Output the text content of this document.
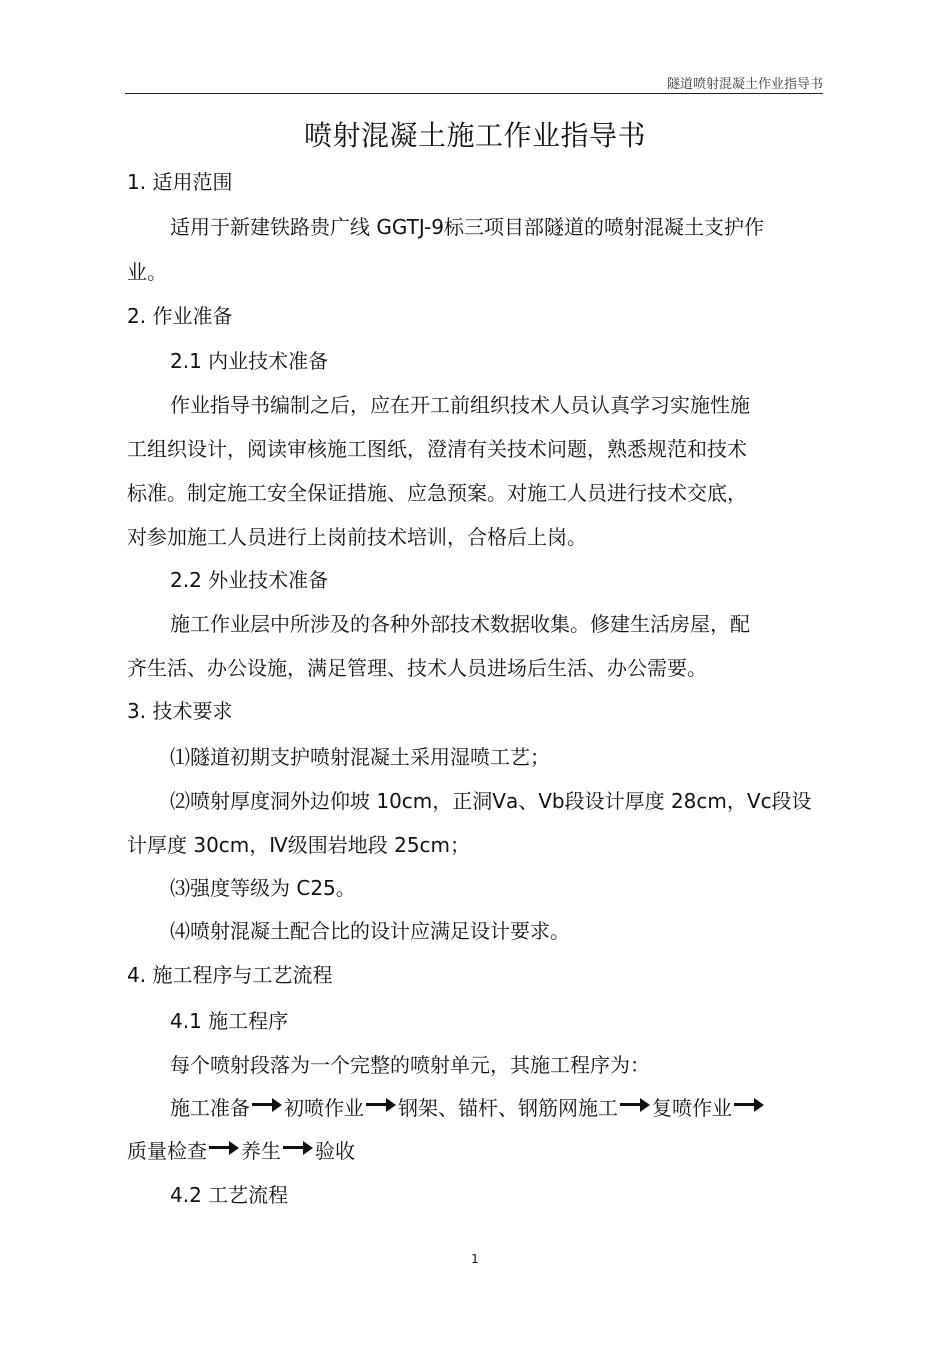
隧道喷射混凝土作业指导书
喷射混凝土施工作业指导书
1. 适用范围
适用于新建铁路贵广线 GGTJ-9标三项目部隧道的喷射混凝土支护作
业。
2. 作业准备
2.1 内业技术准备
作业指导书编制之后，应在开工前组织技术人员认真学习实施性施
工组织设计，阅读审核施工图纸，澄清有关技术问题，熟悉规范和技术
标准。制定施工安全保证措施、应急预案。对施工人员进行技术交底，
对参加施工人员进行上岗前技术培训，合格后上岗。
2.2 外业技术准备
施工作业层中所涉及的各种外部技术数据收集。修建生活房屋，配
齐生活、办公设施，满足管理、技术人员进场后生活、办公需要。
3. 技术要求
⑴隧道初期支护喷射混凝土采用湿喷工艺；
⑵喷射厚度洞外边仰坡 10cm，正洞Ⅴa、Ⅴb段设计厚度 28cm，Ⅴc段设
计厚度 30cm，Ⅳ级围岩地段 25cm；
⑶强度等级为 C25。
⑷喷射混凝土配合比的设计应满足设计要求。
4. 施工程序与工艺流程
4.1 施工程序
每个喷射段落为一个完整的喷射单元，其施工程序为：
施工准备 初喷作业 钢架、锚杆、钢筋网施工 复喷作业
质量检查 养生 验收
4.2 工艺流程
1
